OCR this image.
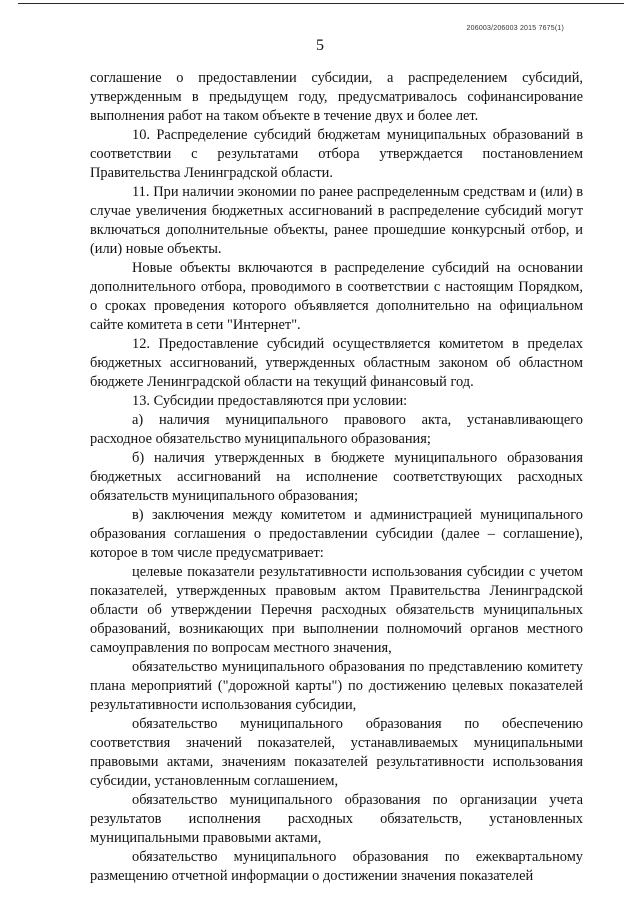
206003/206003 2015 7675(1)
5

соглашение о предоставлении субсидии, а распределением субсидий, утвержденным в предыдущем году, предусматривалось софинансирование выполнения работ на таком объекте в течение двух и более лет.

10. Распределение субсидий бюджетам муниципальных образований в соответствии с результатами отбора утверждается постановлением Правительства Ленинградской области.

11. При наличии экономии по ранее распределенным средствам и (или) в случае увеличения бюджетных ассигнований в распределение субсидий могут включаться дополнительные объекты, ранее прошедшие конкурсный отбор, и (или) новые объекты.

Новые объекты включаются в распределение субсидий на основании дополнительного отбора, проводимого в соответствии с настоящим Порядком, о сроках проведения которого объявляется дополнительно на официальном сайте комитета в сети "Интернет".

12. Предоставление субсидий осуществляется комитетом в пределах бюджетных ассигнований, утвержденных областным законом об областном бюджете Ленинградской области на текущий финансовый год.

13. Субсидии предоставляются при условии:

а) наличия муниципального правового акта, устанавливающего расходное обязательство муниципального образования;

б) наличия утвержденных в бюджете муниципального образования бюджетных ассигнований на исполнение соответствующих расходных обязательств муниципального образования;

в) заключения между комитетом и администрацией муниципального образования соглашения о предоставлении субсидии (далее – соглашение), которое в том числе предусматривает:

целевые показатели результативности использования субсидии с учетом показателей, утвержденных правовым актом Правительства Ленинградской области об утверждении Перечня расходных обязательств муниципальных образований, возникающих при выполнении полномочий органов местного самоуправления по вопросам местного значения,

обязательство муниципального образования по представлению комитету плана мероприятий ("дорожной карты") по достижению целевых показателей результативности использования субсидии,

обязательство муниципального образования по обеспечению соответствия значений показателей, устанавливаемых муниципальными правовыми актами, значениям показателей результативности использования субсидии, установленным соглашением,

обязательство муниципального образования по организации учета результатов исполнения расходных обязательств, установленных муниципальными правовыми актами,

обязательство муниципального образования по ежеквартальному размещению отчетной информации о достижении значения показателей
